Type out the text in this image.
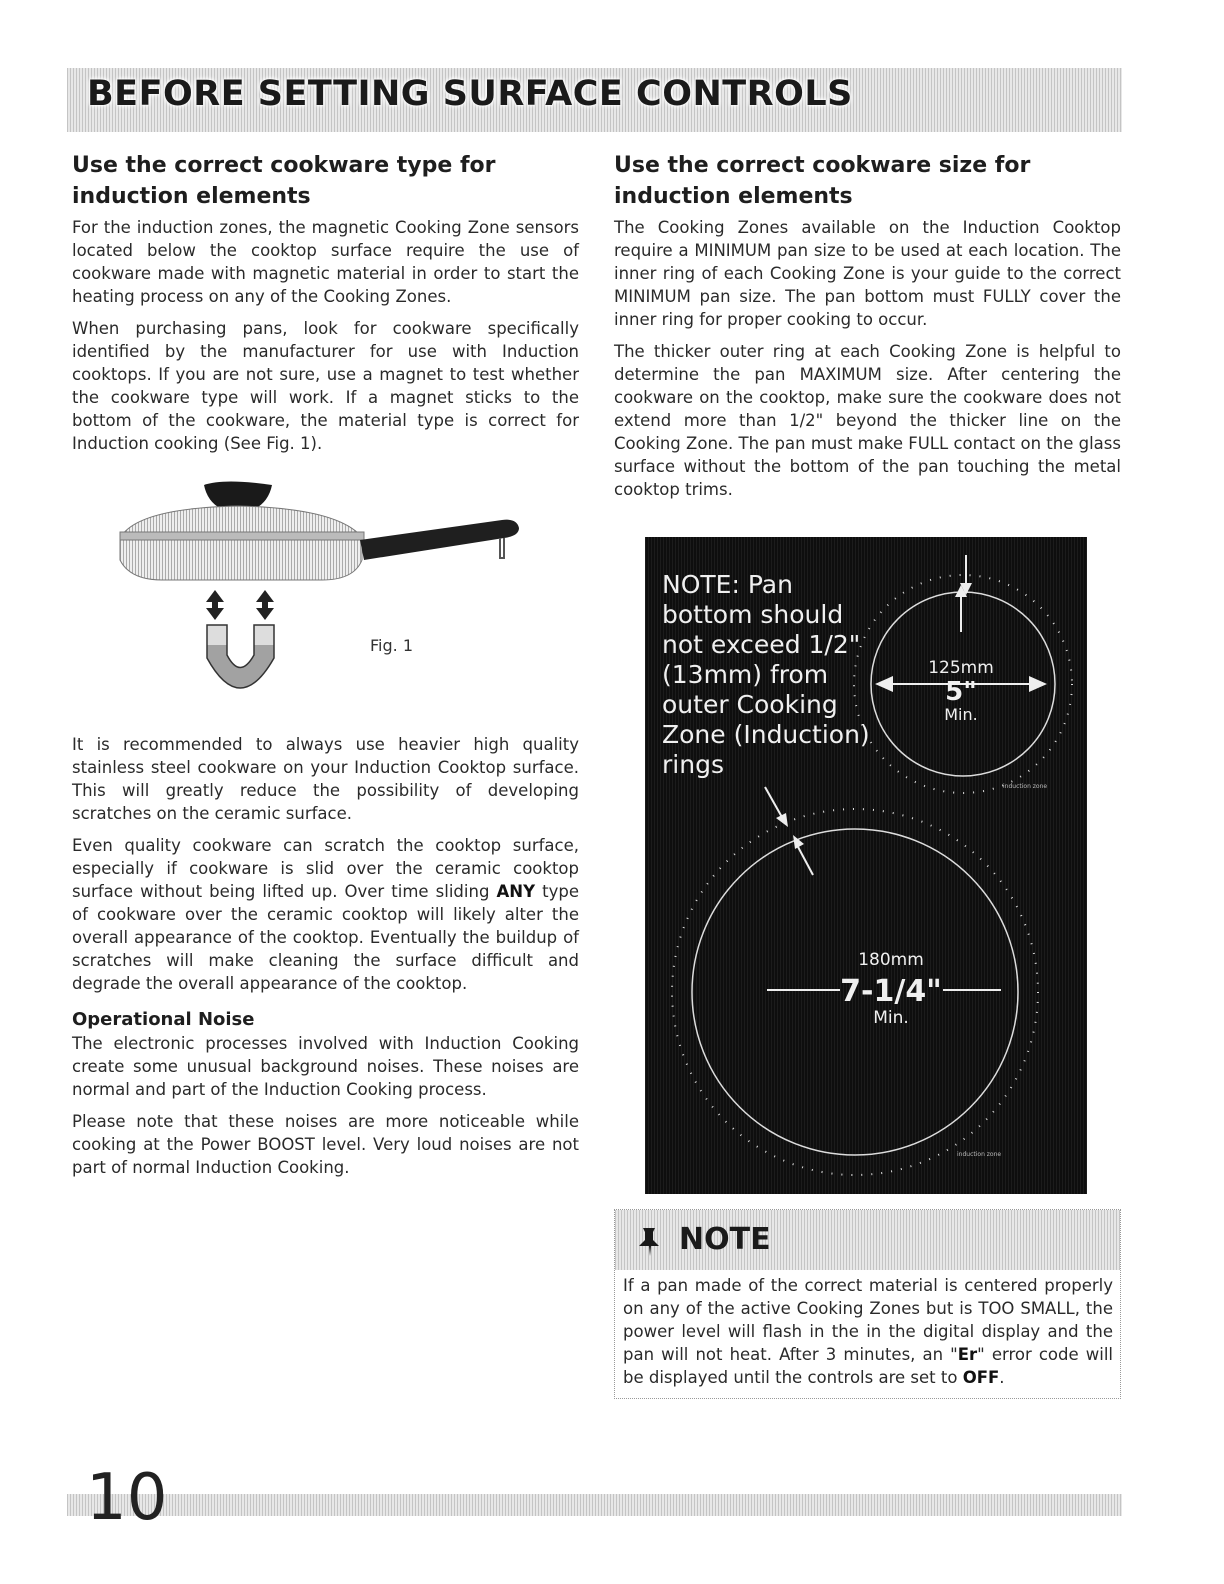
BEFORE SETTING SURFACE CONTROLS
Use the correct cookware type for induction elements

For the induction zones, the magnetic Cooking Zone sensors located below the cooktop surface require the use of cookware made with magnetic material in order to start the heating process on any of the Cooking Zones.

When purchasing pans, look for cookware specifically identified by the manufacturer for use with Induction cooktops. If you are not sure, use a magnet to test whether the cookware type will work. If a magnet sticks to the bottom of the cookware, the material type is correct for Induction cooking (See Fig. 1).

Fig. 1

It is recommended to always use heavier high quality stainless steel cookware on your Induction Cooktop surface. This will greatly reduce the possibility of developing scratches on the ceramic surface.

Even quality cookware can scratch the cooktop surface, especially if cookware is slid over the ceramic cooktop surface without being lifted up. Over time sliding ANY type of cookware over the ceramic cooktop will likely alter the overall appearance of the cooktop. Eventually the buildup of scratches will make cleaning the surface difficult and degrade the overall appearance of the cooktop.

Operational Noise

The electronic processes involved with Induction Cooking create some unusual background noises. These noises are normal and part of the Induction Cooking process.

Please note that these noises are more noticeable while cooking at the Power BOOST level. Very loud noises are not part of normal Induction Cooking.

Use the correct cookware size for induction elements

The Cooking Zones available on the Induction Cooktop require a MINIMUM pan size to be used at each location. The inner ring of each Cooking Zone is your guide to the correct MINIMUM pan size. The pan bottom must FULLY cover the inner ring for proper cooking to occur.

The thicker outer ring at each Cooking Zone is helpful to determine the pan MAXIMUM size. After centering the cookware on the cooktop, make sure the cookware does not extend more than 1/2" beyond the thicker line on the Cooking Zone. The pan must make FULL contact on the glass surface without the bottom of the pan touching the metal cooktop trims.

NOTE: Pan
bottom should
not exceed 1/2"
(13mm) from
outer Cooking
Zone (Induction)
rings
125mm
5"
Min.
180mm
7-1/4"
Min.
induction zone
induction zone
NOTE
If a pan made of the correct material is centered properly on any of the active Cooking Zones but is TOO SMALL, the power level will flash in the in the digital display and the pan will not heat. After 3 minutes, an "Er" error code will be displayed until the controls are set to OFF.
10
